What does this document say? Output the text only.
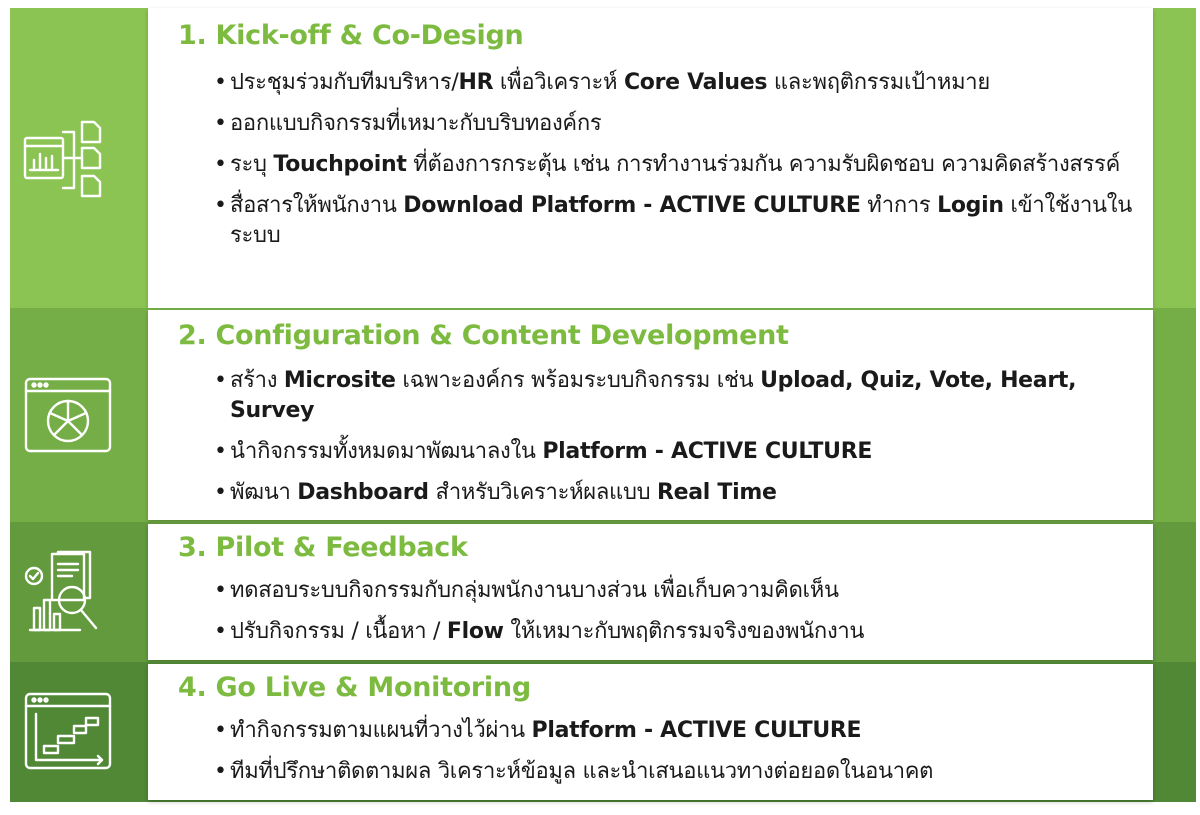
1. Kick-off & Co-Design
• ประชุมร่วมกับทีมบริหาร/HR เพื่อวิเคราะห์ Core Values และพฤติกรรมเป้าหมาย
• ออกแบบกิจกรรมที่เหมาะกับบริบทองค์กร
• ระบุ Touchpoint ที่ต้องการกระตุ้น เช่น การทำงานร่วมกัน ความรับผิดชอบ ความคิดสร้างสรรค์
• สื่อสารให้พนักงาน Download Platform - ACTIVE CULTURE ทำการ Login เข้าใช้งานในระบบ
2. Configuration & Content Development
• สร้าง Microsite เฉพาะองค์กร พร้อมระบบกิจกรรม เช่น Upload, Quiz, Vote, Heart, Survey
• นำกิจกรรมทั้งหมดมาพัฒนาลงใน Platform - ACTIVE CULTURE
• พัฒนา Dashboard สำหรับวิเคราะห์ผลแบบ Real Time
3. Pilot & Feedback
• ทดสอบระบบกิจกรรมกับกลุ่มพนักงานบางส่วน เพื่อเก็บความคิดเห็น
• ปรับกิจกรรม / เนื้อหา / Flow ให้เหมาะกับพฤติกรรมจริงของพนักงาน
4. Go Live & Monitoring
• ทำกิจกรรมตามแผนที่วางไว้ผ่าน Platform - ACTIVE CULTURE
• ทีมที่ปรึกษาติดตามผล วิเคราะห์ข้อมูล และนำเสนอแนวทางต่อยอดในอนาคต
